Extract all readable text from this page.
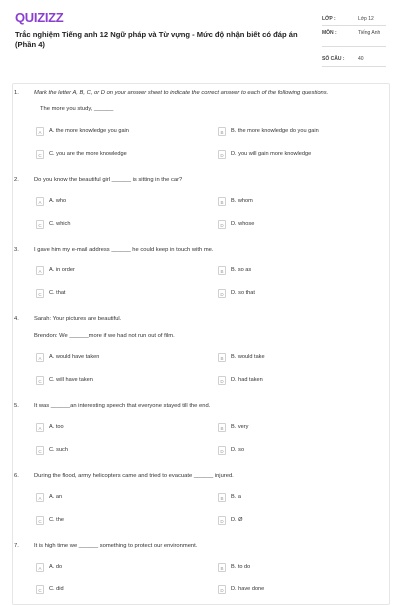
QUIZIZZ
Trắc nghiệm Tiếng anh 12 Ngữ pháp và Từ vựng - Mức độ nhận biết có đáp án (Phần 4)
LỚP :	Lớp 12
MÔN :	Tiếng Anh
SỐ CÂU :	40
1.	Mark the letter A, B, C, or D on your answer sheet to indicate the correct answer to each of the following questions.
The more you study, ______
A	A. the more knowledge you gain	B	B. the more knowledge do you gain
C	C. you are the more knowledge	D	D. you will gain more knowledge
2.	Do you know the beautiful girl ______ is sitting in the car?
A	A. who	B	B. whom
C	C. which	D	D. whose
3.	I gave him my e-mail address ______ he could keep in touch with me.
A	A. in order	B	B. so as
C	C. that	D	D. so that
4.	Sarah: Your pictures are beautiful.
Brendon: We ______more if we had not run out of film.
A	A. would have taken	B	B. would take
C	C. will have taken	D	D. had taken
5.	It was ______an interesting speech that everyone stayed till the end.
A	A. too	B	B. very
C	C. such	D	D. so
6.	During the flood, army helicopters came and tried to evacuate ______ injured.
A	A. an	B	B. a
C	C. the	D	D. Ø
7.	It is high time we ______ something to protect our environment.
A	A. do	B	B. to do
C	C. did	D	D. have done
